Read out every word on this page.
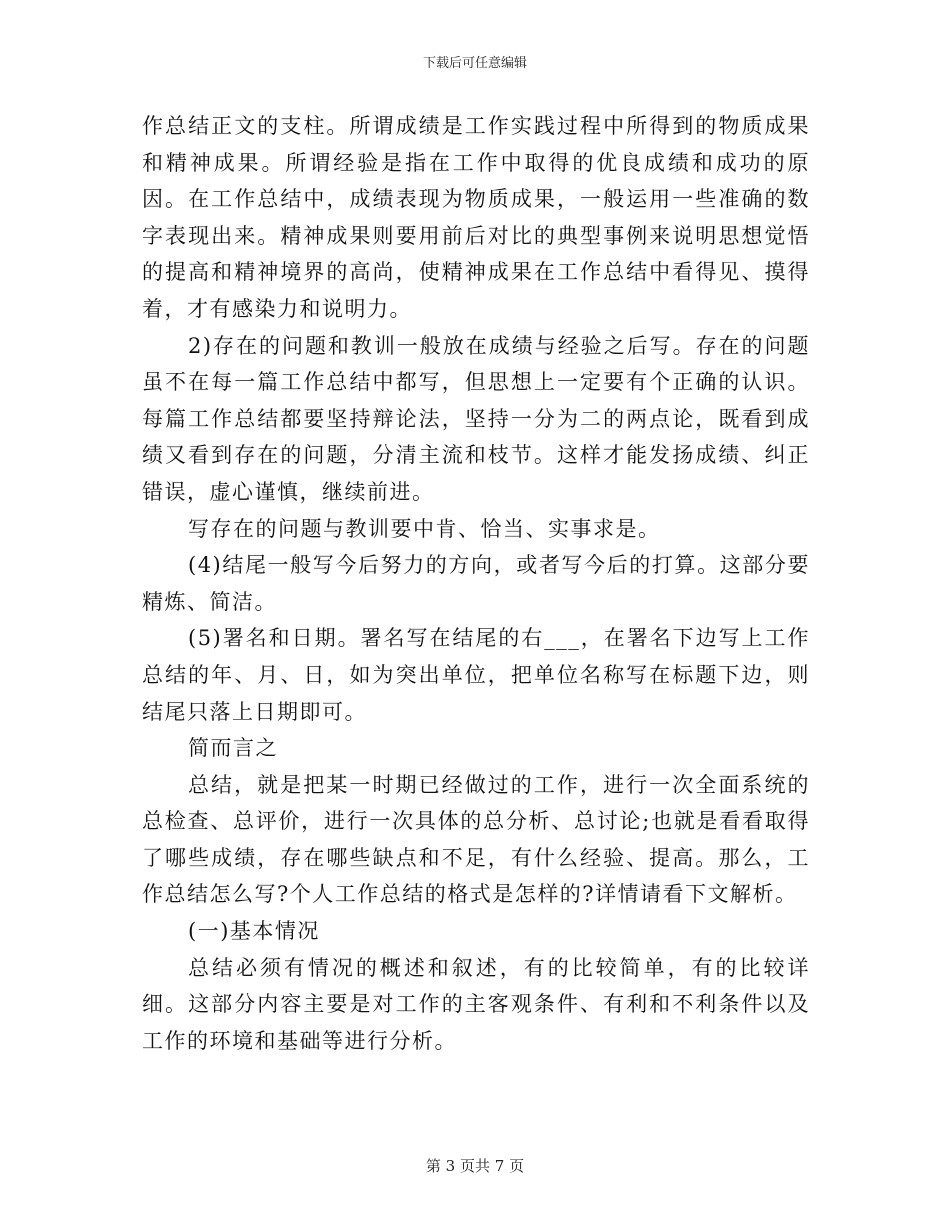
下载后可任意编辑

作总结正文的支柱。所谓成绩是工作实践过程中所得到的物质成果和精神成果。所谓经验是指在工作中取得的优良成绩和成功的原因。在工作总结中，成绩表现为物质成果，一般运用一些准确的数字表现出来。精神成果则要用前后对比的典型事例来说明思想觉悟的提高和精神境界的高尚，使精神成果在工作总结中看得见、摸得着，才有感染力和说明力。

2)存在的问题和教训一般放在成绩与经验之后写。存在的问题虽不在每一篇工作总结中都写，但思想上一定要有个正确的认识。每篇工作总结都要坚持辩论法，坚持一分为二的两点论，既看到成绩又看到存在的问题，分清主流和枝节。这样才能发扬成绩、纠正错误，虚心谨慎，继续前进。

写存在的问题与教训要中肯、恰当、实事求是。

(4)结尾一般写今后努力的方向，或者写今后的打算。这部分要精炼、简洁。

(5)署名和日期。署名写在结尾的右___，在署名下边写上工作总结的年、月、日，如为突出单位，把单位名称写在标题下边，则结尾只落上日期即可。

简而言之

总结，就是把某一时期已经做过的工作，进行一次全面系统的总检查、总评价，进行一次具体的总分析、总讨论;也就是看看取得了哪些成绩，存在哪些缺点和不足，有什么经验、提高。那么，工作总结怎么写?个人工作总结的格式是怎样的?详情请看下文解析。

(一)基本情况

总结必须有情况的概述和叙述，有的比较简单，有的比较详细。这部分内容主要是对工作的主客观条件、有利和不利条件以及工作的环境和基础等进行分析。

第 3 页共 7 页
